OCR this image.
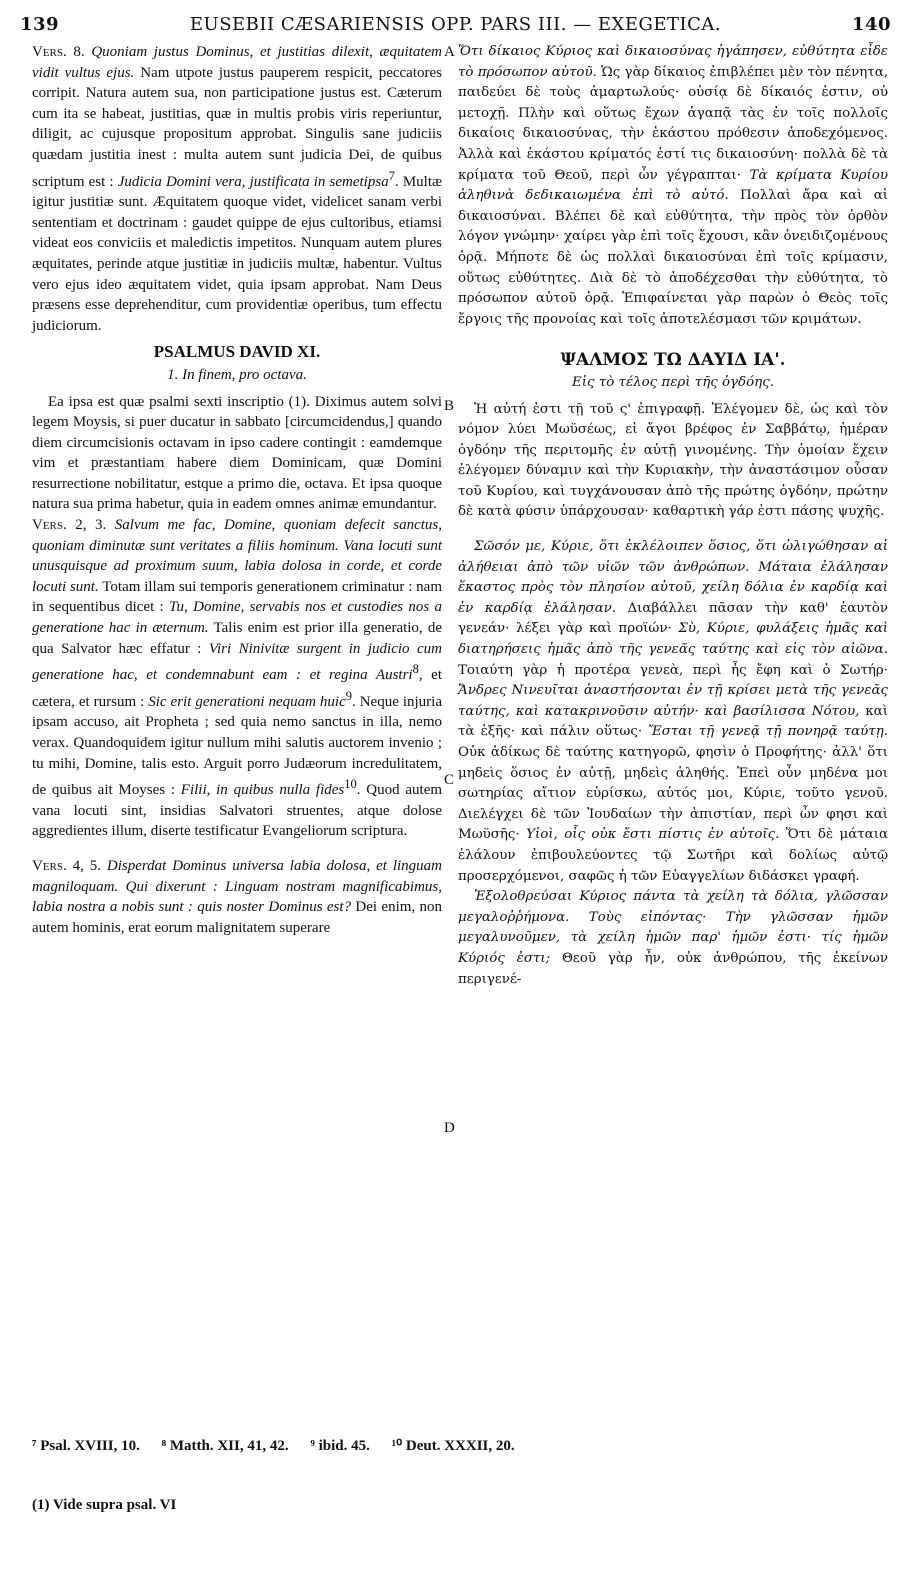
139	EUSEBII CÆSARIENSIS OPP. PARS III. — EXEGETICA.	140
A
B
C
D

Vers. 8. Quoniam justus Dominus, et justitias dilexit, æquitatem vidit vultus ejus. Nam utpote justus pauperem respicit, peccatores corripit. Natura autem sua, non participatione justus est. Cæterum cum ita se habeat, justitias, quæ in multis probis viris reperiuntur, diligit, ac cujusque propositum approbat. Singulis sane judiciis quædam justitia inest : multa autem sunt judicia Dei, de quibus scriptum est : Judicia Domini vera, justificata in semetipsa$^7$. Multæ igitur justitiæ sunt. Æquitatem quoque videt, videlicet sanam verbi sententiam et doctrinam : gaudet quippe de ejus cultoribus, etiamsi videat eos conviciis et maledictis impetitos. Nunquam autem plures æquitates, perinde atque justitiæ in judiciis multæ, habentur. Vultus vero ejus ideo æquitatem videt, quia ipsam approbat. Nam Deus præsens esse deprehenditur, cum providentiæ operibus, tum effectu judiciorum.

PSALMUS DAVID XI.
1. In finem, pro octava.

Ea ipsa est quæ psalmi sexti inscriptio (1). Diximus autem solvi legem Moysis, si puer ducatur in sabbato [circumcidendus,] quando diem circumcisionis octavam in ipso cadere contingit : eamdemque vim et præstantiam habere diem Dominicam, quæ Domini resurrectione nobilitatur, estque a primo die, octava. Et ipsa quoque natura sua prima habetur, quia in eadem omnes animæ emundantur.

Vers. 2, 3. Salvum me fac, Domine, quoniam defecit sanctus, quoniam diminutæ sunt veritates a filiis hominum. Vana locuti sunt unusquisque ad proximum suum, labia dolosa in corde, et corde locuti sunt. Totam illam sui temporis generationem criminatur : nam in sequentibus dicet : Tu, Domine, servabis nos et custodies nos a generatione hac in æternum. Talis enim est prior illa generatio, de qua Salvator hæc effatur : Viri Ninivitæ surgent in judicio cum generatione hac, et condemnabunt eam : et regina Austri$^8$, et cætera, et rursum : Sic erit generationi nequam huic$^9$. Neque injuria ipsam accuso, ait Propheta ; sed quia nemo sanctus in illa, nemo verax. Quandoquidem igitur nullum mihi salutis auctorem invenio ; tu mihi, Domine, talis esto. Arguit porro Judæorum incredulitatem, de quibus ait Moyses : Filii, in quibus nulla fides$^{10}$. Quod autem vana locuti sint, insidias Salvatori struentes, atque dolose aggredientes illum, diserte testificatur Evangeliorum scriptura.

Vers. 4, 5. Disperdat Dominus universa labia dolosa, et linguam magniloquam. Qui dixerunt : Linguam nostram magnificabimus, labia nostra a nobis sunt : quis noster Dominus est? Dei enim, non autem hominis, erat eorum malignitatem superare

Ὅτι δίκαιος Κύριος καὶ δικαιοσύνας ἠγάπησεν, εὐθύτητα εἶδε τὸ πρόσωπον αὐτοῦ. Ὡς γὰρ δίκαιος ἐπιβλέπει μὲν τὸν πένητα, παιδεύει δὲ τοὺς ἁμαρτωλούς· οὐσίᾳ δὲ δίκαιός ἐστιν, οὐ μετοχῇ. Πλὴν καὶ οὕτως ἔχων ἀγαπᾷ τὰς ἐν τοῖς πολλοῖς δικαίοις δικαιοσύνας, τὴν ἑκάστου πρόθεσιν ἀποδεχόμενος. Ἀλλὰ καὶ ἑκάστου κρίματός ἐστί τις δικαιοσύνη· πολλὰ δὲ τὰ κρίματα τοῦ Θεοῦ, περὶ ὧν γέγραπται· Τὰ κρίματα Κυρίου ἀληθινὰ δεδικαιωμένα ἐπὶ τὸ αὐτό. Πολλαὶ ἄρα καὶ αἱ δικαιοσύναι. Βλέπει δὲ καὶ εὐθύτητα, τὴν πρὸς τὸν ὀρθὸν λόγον γνώμην· χαίρει γὰρ ἐπὶ τοῖς ἔχουσι, κἂν ὀνειδιζομένους ὁρᾷ. Μήποτε δὲ ὡς πολλαὶ δικαιοσύναι ἐπὶ τοῖς κρίμασιν, οὕτως εὐθύτητες. Διὰ δὲ τὸ ἀποδέχεσθαι τὴν εὐθύτητα, τὸ πρόσωπον αὐτοῦ ὁρᾷ. Ἐπιφαίνεται γὰρ παρὼν ὁ Θεὸς τοῖς ἔργοις τῆς προνοίας καὶ τοῖς ἀποτελέσμασι τῶν κριμάτων.

ΨΑΛΜΟΣ ΤΩ ΔΑΥΙΔ ΙΑ'.
Εἰς τὸ τέλος περὶ τῆς ὀγδόης.

Ἡ αὐτή ἐστι τῇ τοῦ ς' ἐπιγραφῇ. Ἐλέγομεν δὲ, ὡς καὶ τὸν νόμον λύει Μωϋσέως, εἰ ἄγοι βρέφος ἐν Σαββάτῳ, ἡμέραν ὀγδόην τῆς περιτομῆς ἐν αὐτῇ γινομένης. Τὴν ὁμοίαν ἔχειν ἐλέγομεν δύναμιν καὶ τὴν Κυριακὴν, τὴν ἀναστάσιμον οὖσαν τοῦ Κυρίου, καὶ τυγχάνουσαν ἀπὸ τῆς πρώτης ὀγδόην, πρώτην δὲ κατὰ φύσιν ὑπάρχουσαν· καθαρτικὴ γάρ ἐστι πάσης ψυχῆς.

Σῶσόν με, Κύριε, ὅτι ἐκλέλοιπεν ὅσιος, ὅτι ὠλιγώθησαν αἱ ἀλήθειαι ἀπὸ τῶν υἱῶν τῶν ἀνθρώπων. Μάταια ἐλάλησαν ἕκαστος πρὸς τὸν πλησίον αὐτοῦ, χείλη δόλια ἐν καρδίᾳ καὶ ἐν καρδίᾳ ἐλάλησαν. Διαβάλλει πᾶσαν τὴν καθ' ἑαυτὸν γενεάν· λέξει γὰρ καὶ προϊών· Σὺ, Κύριε, φυλάξεις ἡμᾶς καὶ διατηρήσεις ἡμᾶς ἀπὸ τῆς γενεᾶς ταύτης καὶ εἰς τὸν αἰῶνα. Τοιαύτη γὰρ ἡ προτέρα γενεὰ, περὶ ἧς ἔφη καὶ ὁ Σωτήρ· Ἄνδρες Νινευῖται ἀναστήσονται ἐν τῇ κρίσει μετὰ τῆς γενεᾶς ταύτης, καὶ κατακρινοῦσιν αὐτήν· καὶ βασίλισσα Νότου, καὶ τὰ ἑξῆς· καὶ πάλιν οὕτως· Ἔσται τῇ γενεᾷ τῇ πονηρᾷ ταύτῃ. Οὐκ ἀδίκως δὲ ταύτης κατηγορῶ, φησὶν ὁ Προφήτης· ἀλλ' ὅτι μηδεὶς ὅσιος ἐν αὐτῇ, μηδεὶς ἀληθής. Ἐπεὶ οὖν μηδένα μοι σωτηρίας αἴτιον εὑρίσκω, αὐτός μοι, Κύριε, τοῦτο γενοῦ. Διελέγχει δὲ τῶν Ἰουδαίων τὴν ἀπιστίαν, περὶ ὧν φησι καὶ Μωϋσῆς· Υἱοὶ, οἷς οὐκ ἔστι πίστις ἐν αὐτοῖς. Ὅτι δὲ μάταια ἐλάλουν ἐπιβουλεύοντες τῷ Σωτῆρι καὶ δολίως αὐτῷ προσερχόμενοι, σαφῶς ἡ τῶν Εὐαγγελίων διδάσκει γραφή.

Ἐξολοθρεύσαι Κύριος πάντα τὰ χείλη τὰ δόλια, γλῶσσαν μεγαλοῤῥήμονα. Τοὺς εἰπόντας· Τὴν γλῶσσαν ἡμῶν μεγαλυνοῦμεν, τὰ χείλη ἡμῶν παρ' ἡμῶν ἐστι· τίς ἡμῶν Κύριός ἐστι; Θεοῦ γὰρ ἦν, οὐκ ἀνθρώπου, τῆς ἐκείνων περιγενέ-

⁷ Psal. XVIII, 10. ⁸ Matth. XII, 41, 42. ⁹ ibid. 45. ¹⁰ Deut. XXXII, 20.
(1) Vide supra psal. VI
